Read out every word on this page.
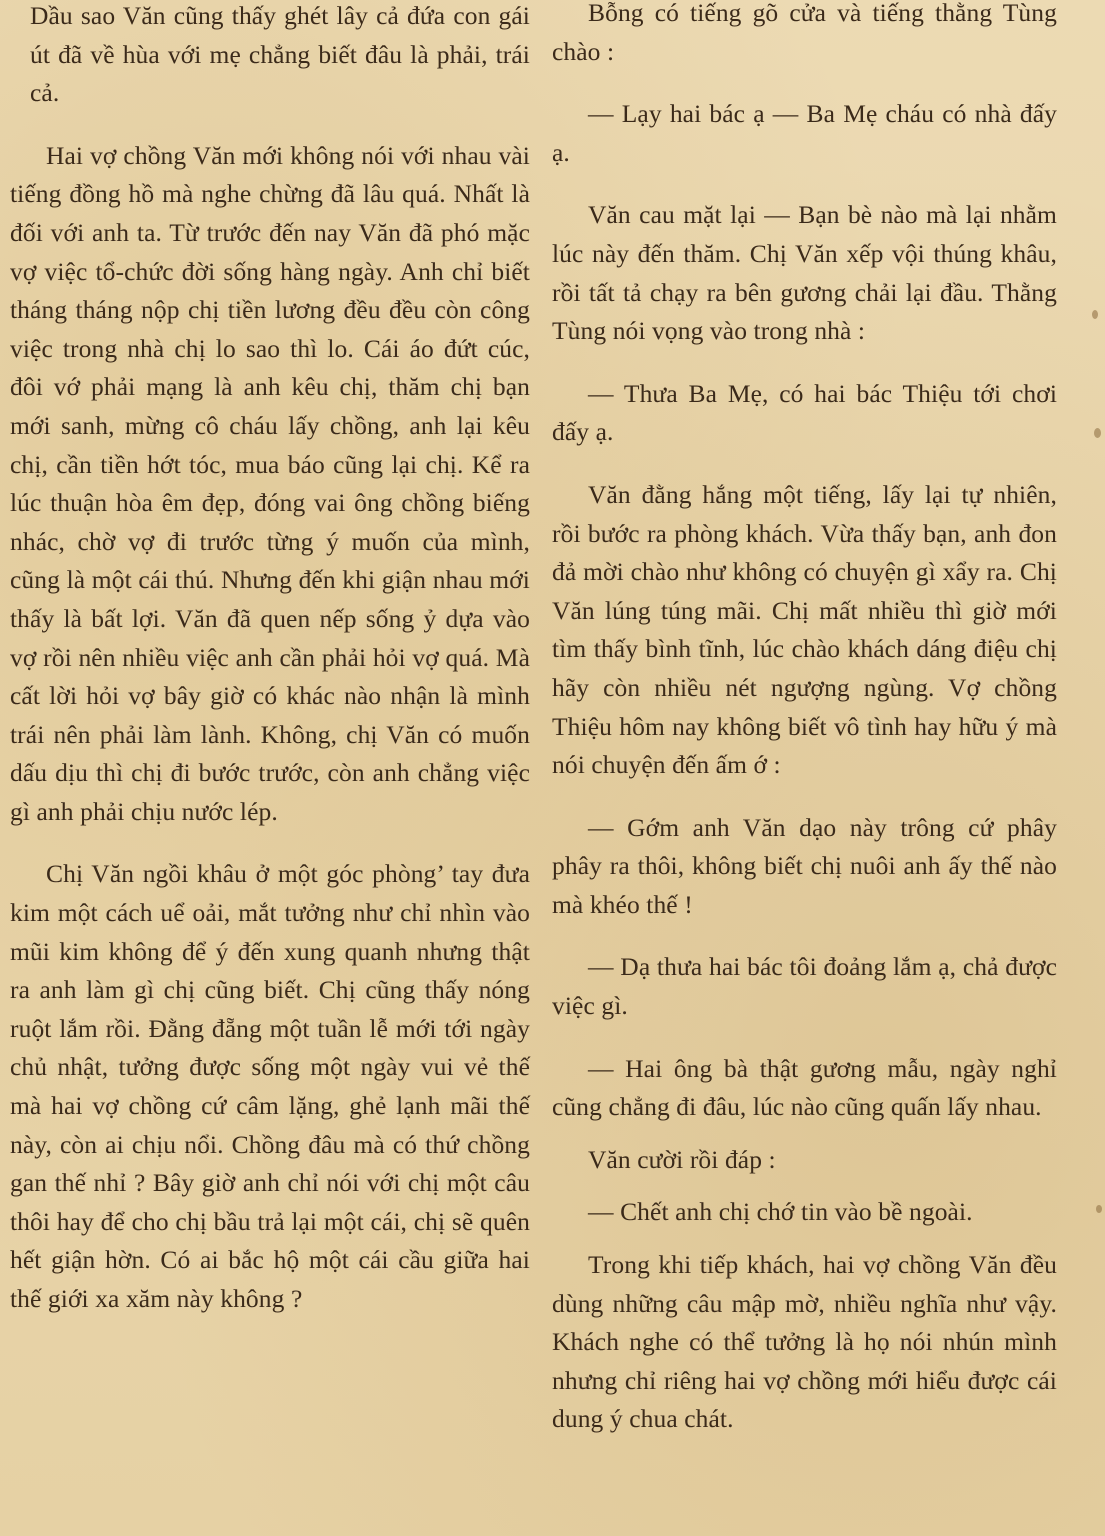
Dầu sao Văn cũng thấy ghét lây cả đứa con gái út đã về hùa với mẹ chẳng biết đâu là phải, trái cả.

Hai vợ chồng Văn mới không nói với nhau vài tiếng đồng hồ mà nghe chừng đã lâu quá. Nhất là đối với anh ta. Từ trước đến nay Văn đã phó mặc vợ việc tổ-chức đời sống hàng ngày. Anh chỉ biết tháng tháng nộp chị tiền lương đều đều còn công việc trong nhà chị lo sao thì lo. Cái áo đứt cúc, đôi vớ phải mạng là anh kêu chị, thăm chị bạn mới sanh, mừng cô cháu lấy chồng, anh lại kêu chị, cần tiền hớt tóc, mua báo cũng lại chị. Kể ra lúc thuận hòa êm đẹp, đóng vai ông chồng biếng nhác, chờ vợ đi trước từng ý muốn của mình, cũng là một cái thú. Nhưng đến khi giận nhau mới thấy là bất lợi. Văn đã quen nếp sống ỷ dựa vào vợ rồi nên nhiều việc anh cần phải hỏi vợ quá. Mà cất lời hỏi vợ bây giờ có khác nào nhận là mình trái nên phải làm lành. Không, chị Văn có muốn dấu dịu thì chị đi bước trước, còn anh chẳng việc gì anh phải chịu nước lép.

Chị Văn ngồi khâu ở một góc phòng’ tay đưa kim một cách uể oải, mắt tưởng như chỉ nhìn vào mũi kim không để ý đến xung quanh nhưng thật ra anh làm gì chị cũng biết. Chị cũng thấy nóng ruột lắm rồi. Đằng đẵng một tuần lễ mới tới ngày chủ nhật, tưởng được sống một ngày vui vẻ thế mà hai vợ chồng cứ câm lặng, ghẻ lạnh mãi thế này, còn ai chịu nổi. Chồng đâu mà có thứ chồng gan thế nhỉ ? Bây giờ anh chỉ nói với chị một câu thôi hay để cho chị bầu trả lại một cái, chị sẽ quên hết giận hờn. Có ai bắc hộ một cái cầu giữa hai thế giới xa xăm này không ?

Bỗng có tiếng gõ cửa và tiếng thằng Tùng chào :

— Lạy hai bác ạ — Ba Mẹ cháu có nhà đấy ạ.

Văn cau mặt lại — Bạn bè nào mà lại nhằm lúc này đến thăm. Chị Văn xếp vội thúng khâu, rồi tất tả chạy ra bên gương chải lại đầu. Thằng Tùng nói vọng vào trong nhà :

— Thưa Ba Mẹ, có hai bác Thiệu tới chơi đấy ạ.

Văn đằng hắng một tiếng, lấy lại tự nhiên, rồi bước ra phòng khách. Vừa thấy bạn, anh đon đả mời chào như không có chuyện gì xẩy ra. Chị Văn lúng túng mãi. Chị mất nhiều thì giờ mới tìm thấy bình tĩnh, lúc chào khách dáng điệu chị hãy còn nhiều nét ngượng ngùng. Vợ chồng Thiệu hôm nay không biết vô tình hay hữu ý mà nói chuyện đến ấm ớ :

— Gớm anh Văn dạo này trông cứ phây phây ra thôi, không biết chị nuôi anh ấy thế nào mà khéo thế !

— Dạ thưa hai bác tôi đoảng lắm ạ, chả được việc gì.

— Hai ông bà thật gương mẫu, ngày nghỉ cũng chẳng đi đâu, lúc nào cũng quấn lấy nhau.

Văn cười rồi đáp :

— Chết anh chị chớ tin vào bề ngoài.

Trong khi tiếp khách, hai vợ chồng Văn đều dùng những câu mập mờ, nhiều nghĩa như vậy. Khách nghe có thể tưởng là họ nói nhún mình nhưng chỉ riêng hai vợ chồng mới hiểu được cái dung ý chua chát.
